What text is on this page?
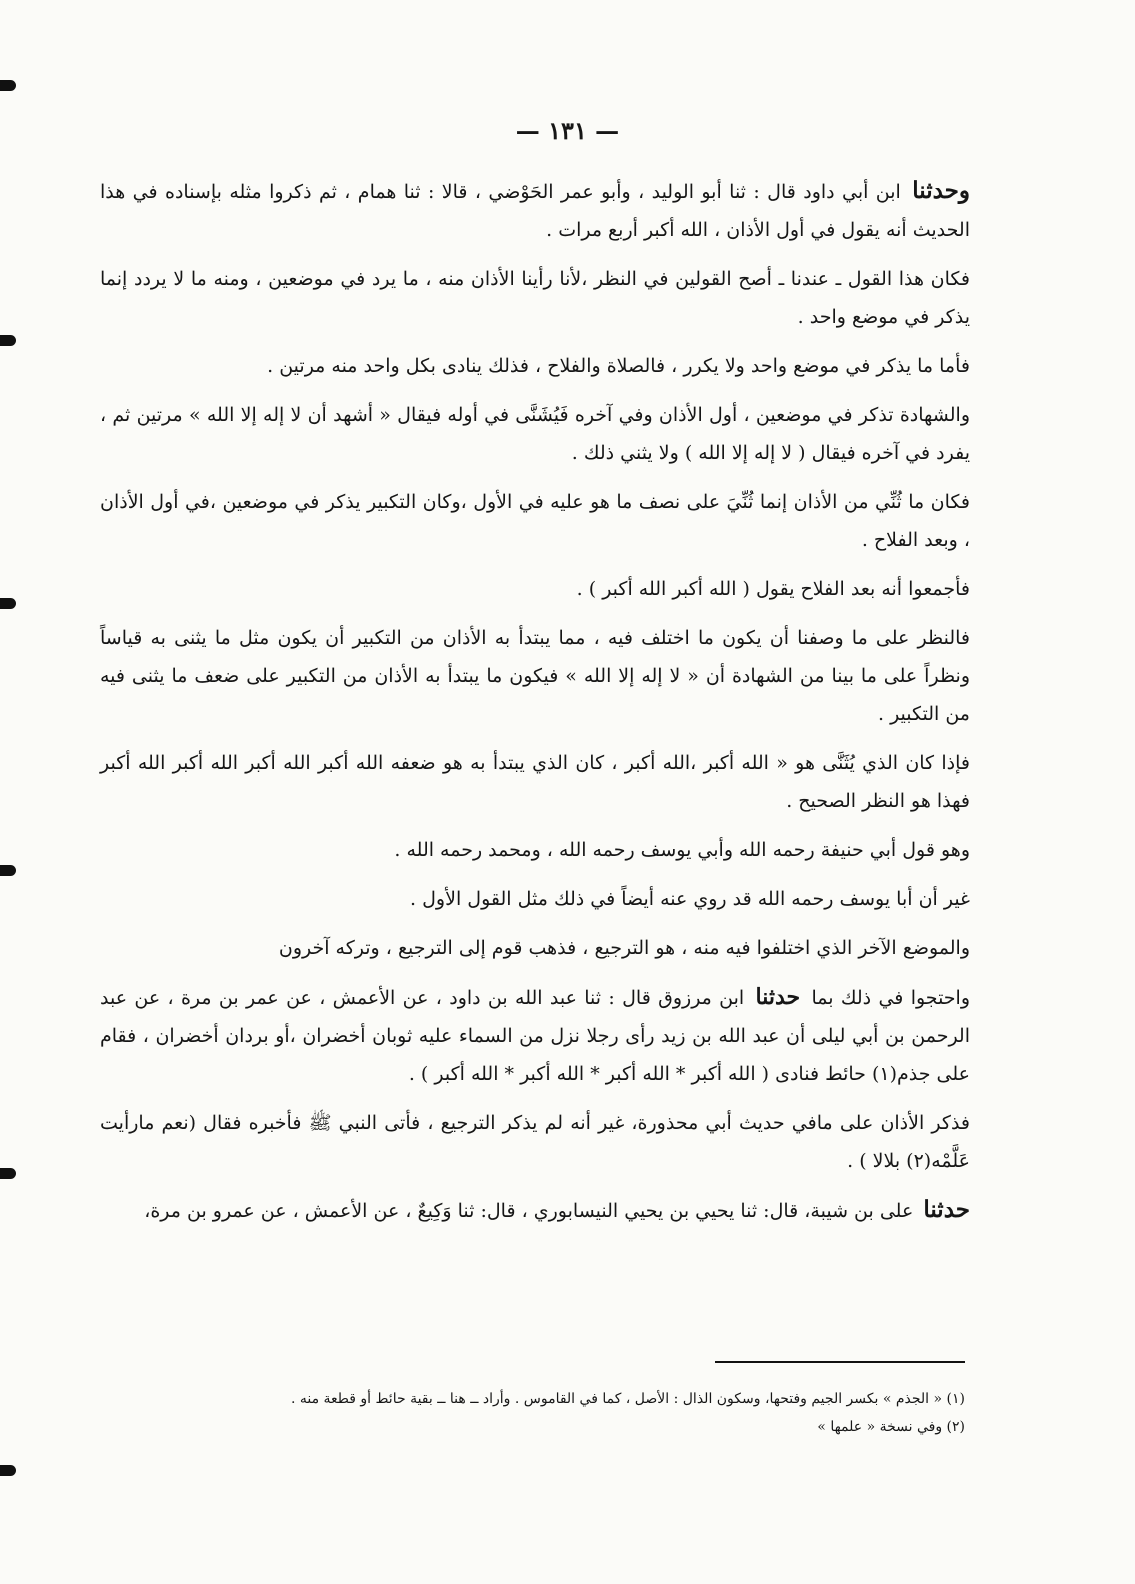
— ١٣١ —

وحدثنا ابن أبي داود قال : ثنا أبو الوليد ، وأبو عمر الحَوْضي ، قالا : ثنا همام ، ثم ذكروا مثله بإسناده في هذا الحديث أنه يقول في أول الأذان ، الله أكبر أربع مرات .

فكان هذا القول ـ عندنا ـ أصح القولين في النظر ،لأنا رأينا الأذان منه ، ما يرد في موضعين ، ومنه ما لا يردد إنما يذكر في موضع واحد .

فأما ما يذكر في موضع واحد ولا يكرر ، فالصلاة والفلاح ، فذلك ينادى بكل واحد منه مرتين .

والشهادة تذكر في موضعين ، أول الأذان وفي آخره فَيُشَنَّى في أوله فيقال « أشهد أن لا إله إلا الله » مرتين ثم ، يفرد في آخره فيقال ( لا إله إلا الله ) ولا يثني ذلك .

فكان ما ثُنِّي من الأذان إنما ثُنِّيَ على نصف ما هو عليه في الأول ،وكان التكبير يذكر في موضعين ،في أول الأذان ، وبعد الفلاح .

فأجمعوا أنه بعد الفلاح يقول ( الله أكبر الله أكبر ) .

فالنظر على ما وصفنا أن يكون ما اختلف فيه ، مما يبتدأ به الأذان من التكبير أن يكون مثل ما يثنى به قياساً ونظراً على ما بينا من الشهادة أن « لا إله إلا الله » فيكون ما يبتدأ به الأذان من التكبير على ضعف ما يثنى فيه من التكبير .

فإذا كان الذي يُثَنَّى هو « الله أكبر ،الله أكبر ، كان الذي يبتدأ به هو ضعفه الله أكبر الله أكبر الله أكبر الله أكبر فهذا هو النظر الصحيح .

وهو قول أبي حنيفة رحمه الله وأبي يوسف رحمه الله ، ومحمد رحمه الله .

غير أن أبا يوسف رحمه الله قد روي عنه أيضاً في ذلك مثل القول الأول .

والموضع الآخر الذي اختلفوا فيه منه ، هو الترجيع ، فذهب قوم إلى الترجيع ، وتركه آخرون

واحتجوا في ذلك بما حدثنا ابن مرزوق قال : ثنا عبد الله بن داود ، عن الأعمش ، عن عمر بن مرة ، عن عبد الرحمن بن أبي ليلى أن عبد الله بن زيد رأى رجلا نزل من السماء عليه ثوبان أخضران ،أو بردان أخضران ، فقام على جذم(١) حائط فنادى ( الله أكبر * الله أكبر * الله أكبر * الله أكبر ) .

فذكر الأذان على مافي حديث أبي محذورة، غير أنه لم يذكر الترجيع ، فأتى النبي ﷺ فأخبره فقال (نعم مارأيت عَلَّمْه(٢) بلالا ) .

حدثنا على بن شيبة، قال: ثنا يحيي بن يحيي النيسابوري ، قال: ثنا وَكِيعٌ ، عن الأعمش ، عن عمرو بن مرة،

(١) « الجذم » بكسر الجيم وفتحها، وسكون الذال : الأصل ، كما في القاموس . وأراد ــ هنا ــ بقية حائط أو قطعة منه .
(٢) وفي نسخة « علمها »
